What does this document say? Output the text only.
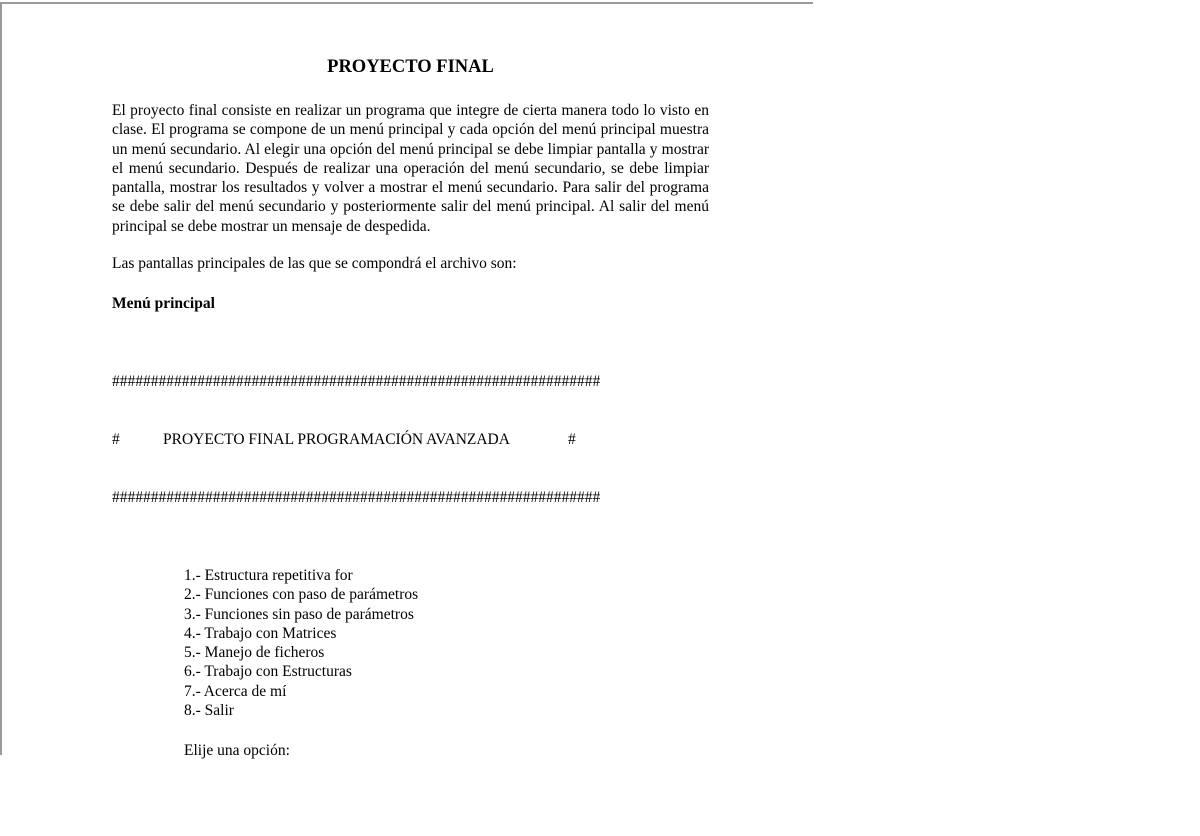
PROYECTO FINAL

El proyecto final consiste en realizar un programa que integre de cierta manera todo lo visto en clase. El programa se compone de un menú principal y cada opción del menú principal muestra un menú secundario. Al elegir una opción del menú principal se debe limpiar pantalla y mostrar el menú secundario. Después de realizar una operación del menú secundario, se debe limpiar pantalla, mostrar los resultados y volver a mostrar el menú secundario. Para salir del programa se debe salir del menú secundario y posteriormente salir del menú principal. Al salir del menú principal se debe mostrar un mensaje de despedida.

Las pantallas principales de las que se compondrá el archivo son:

Menú principal

###############################################################

#

	PROYECTO FINAL PROGRAMACIÓN AVANZADA

	#

###############################################################

1.- Estructura repetitiva for
2.- Funciones con paso de parámetros
3.- Funciones sin paso de parámetros
4.- Trabajo con Matrices
5.- Manejo de ficheros
6.- Trabajo con Estructuras
7.- Acerca de mí
8.- Salir

Elije una opción:
